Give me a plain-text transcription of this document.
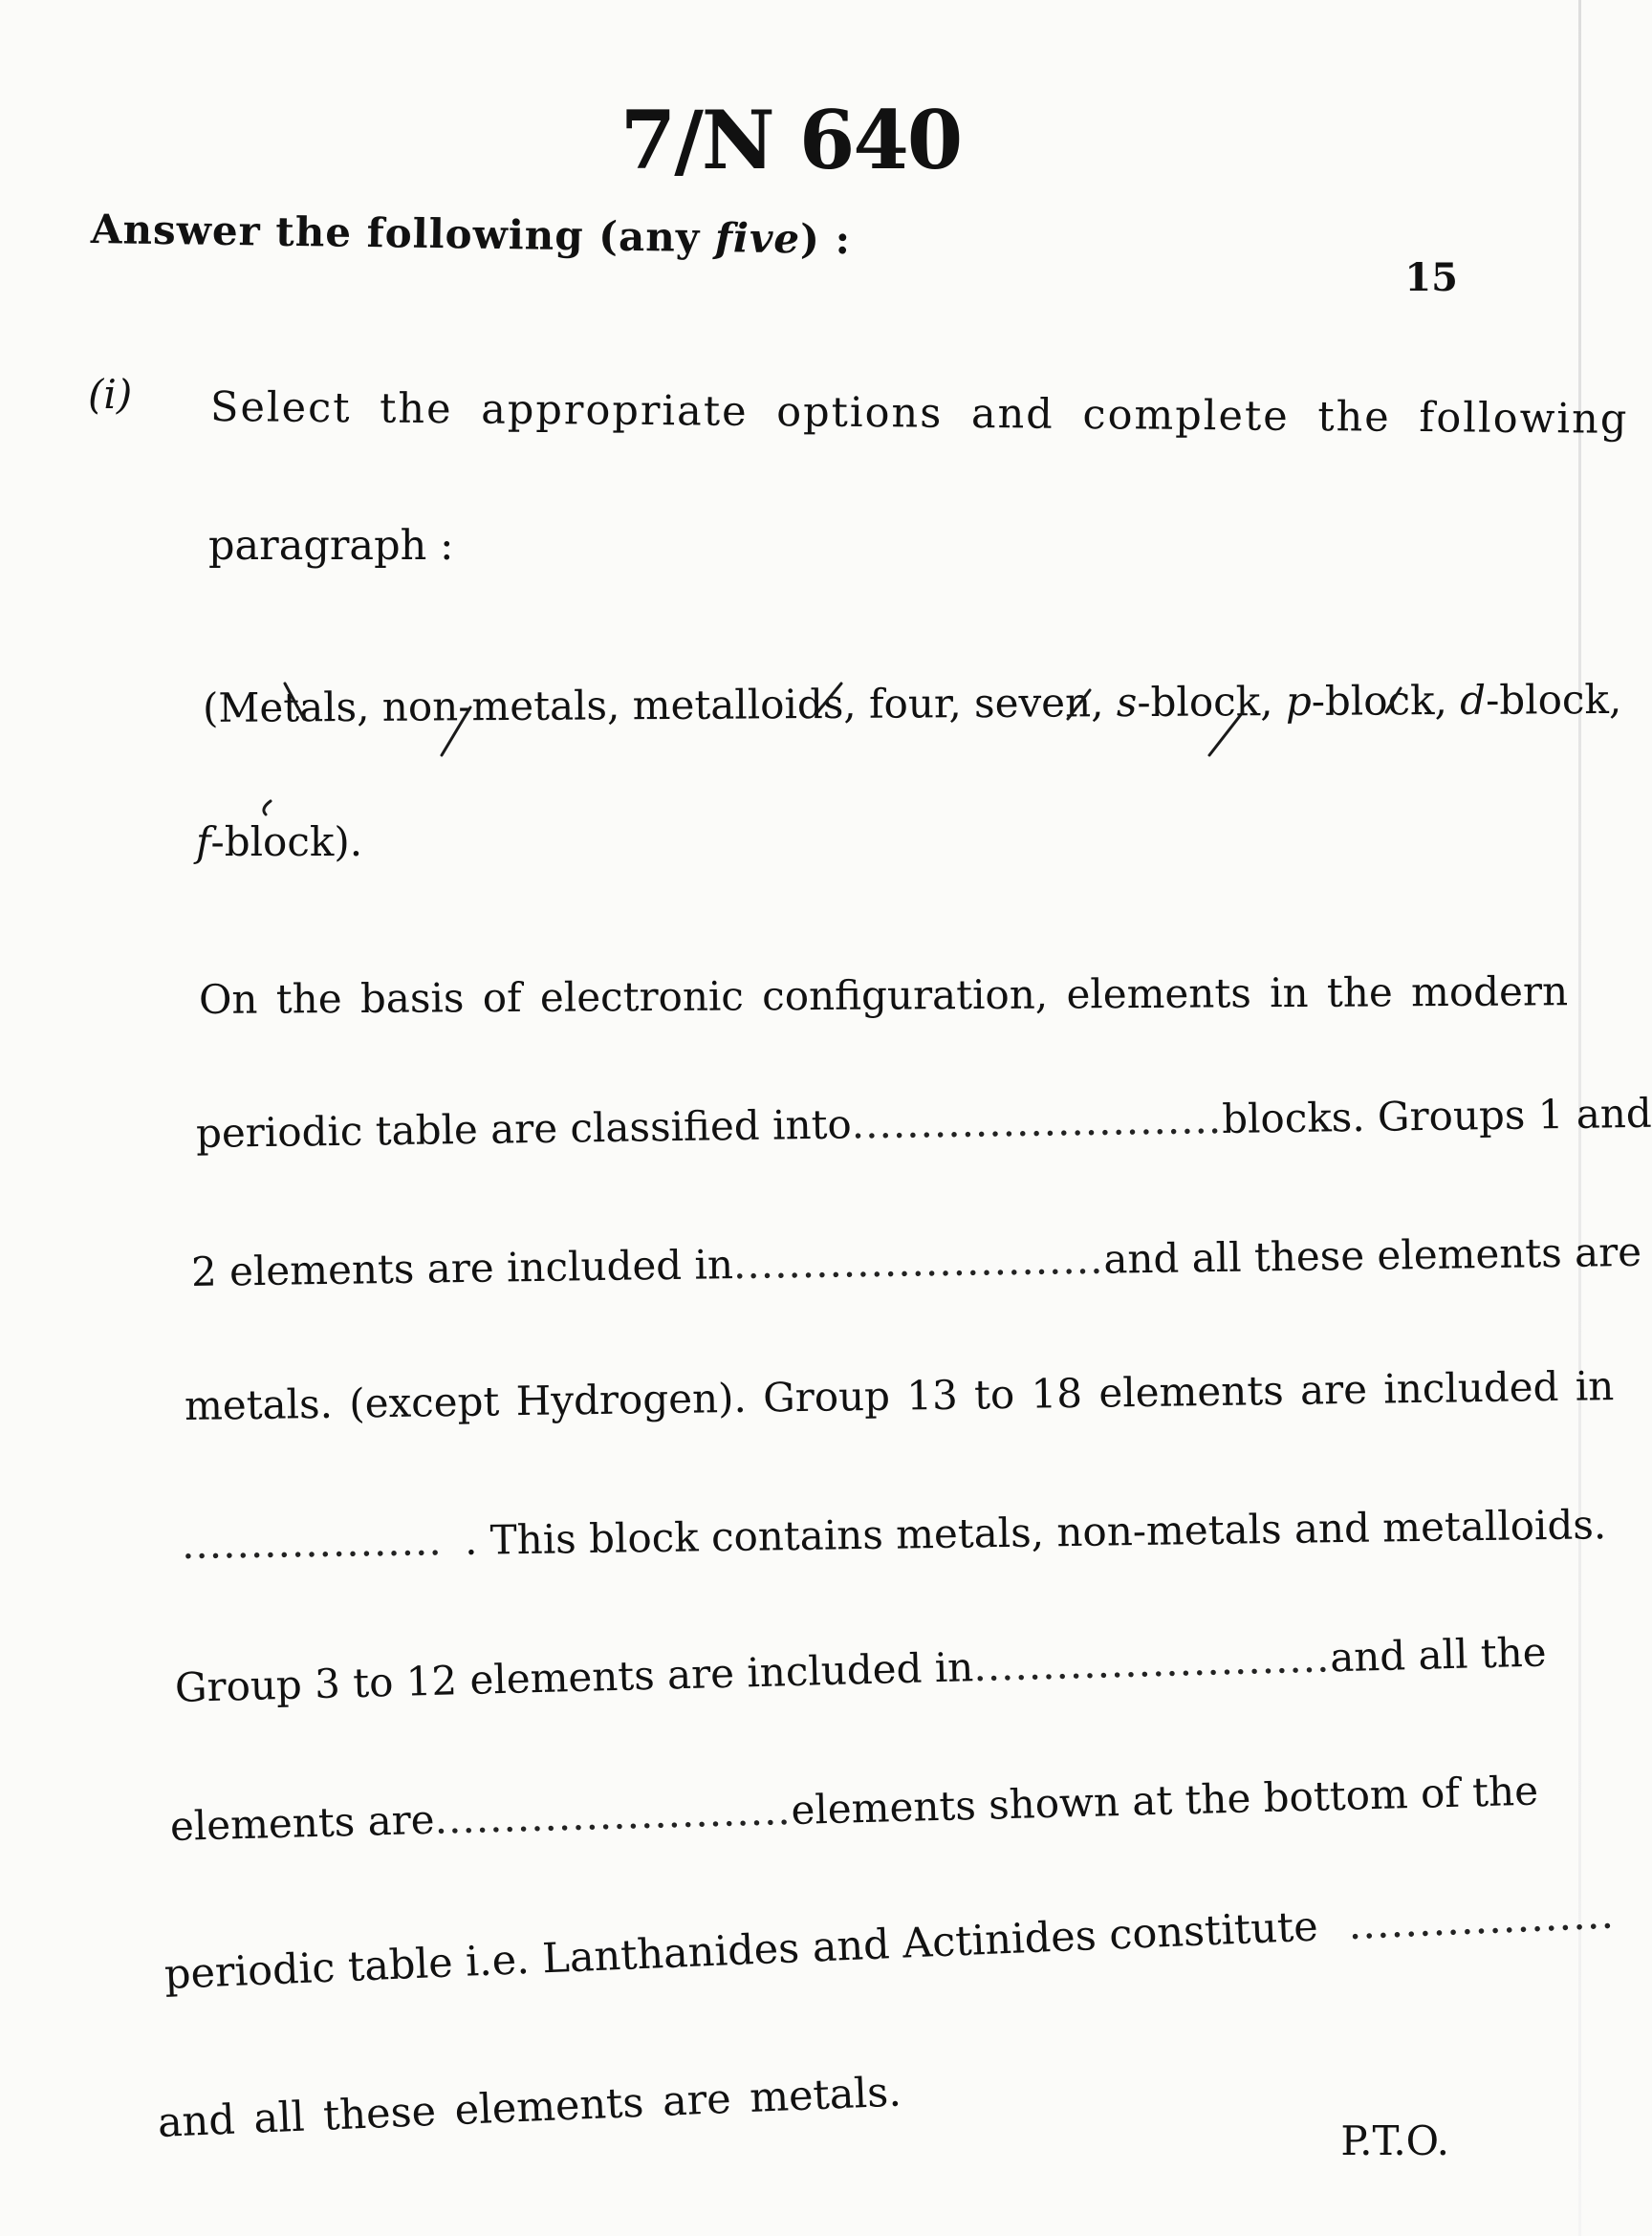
7/N 640
Answer the following (any five) :
15
(i) Select the appropriate options and complete the following
paragraph :
(Metals, non-metals, metalloids, four, seven, s-block, p-block, d-block,
f-block).
On the basis of electronic configuration, elements in the modern
periodic table are classified into ........................... blocks. Groups 1 and
2 elements are included in ........................... and all these elements are
metals. (except Hydrogen). Group 13 to 18 elements are included in
................... . This block contains metals, non-metals and metalloids.
Group 3 to 12 elements are included in
..........................
and all the
elements are
..........................
elements shown at the bottom of the
periodic table i.e. Lanthanides and Actinides constitute ...................
and all these elements are metals.	P.T.O.
